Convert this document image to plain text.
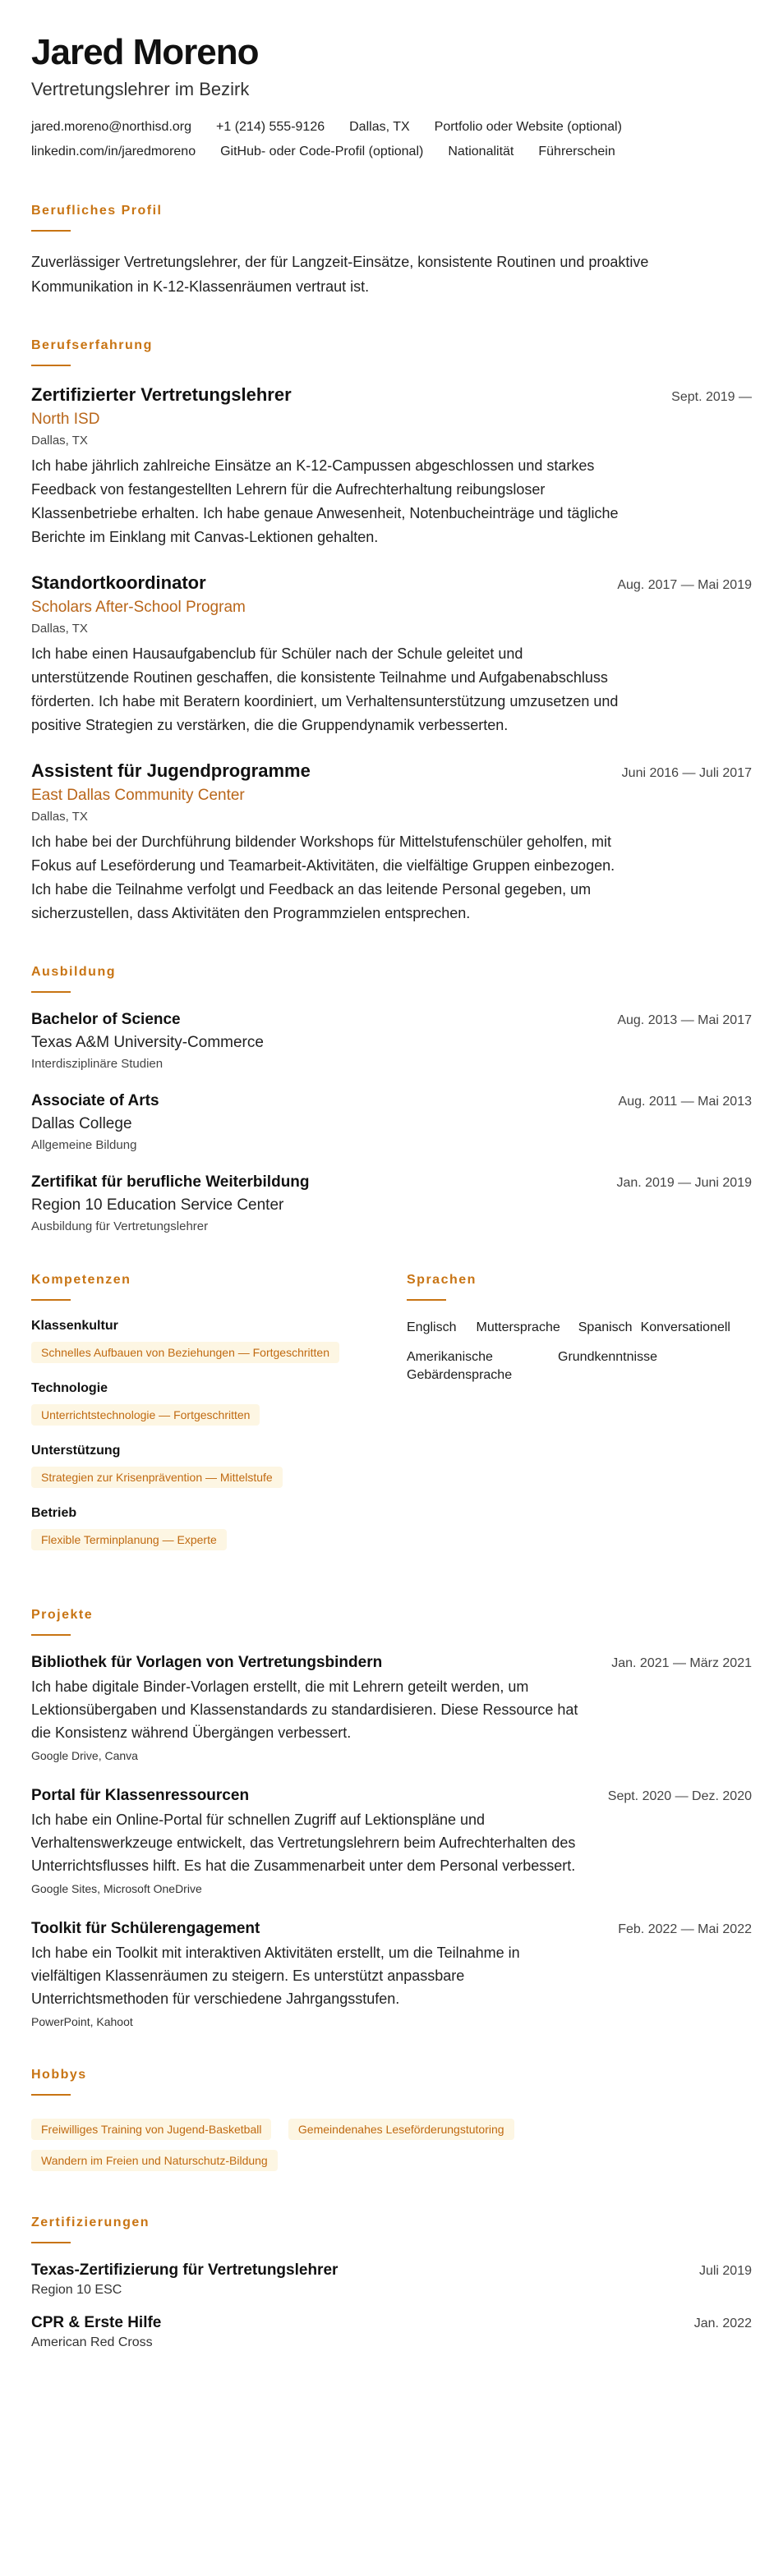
Jared Moreno
Vertretungslehrer im Bezirk
jared.moreno@northisd.org +1 (214) 555-9126 Dallas, TX Portfolio oder Website (optional)
linkedin.com/in/jaredmoreno GitHub- oder Code-Profil (optional) Nationalität Führerschein
Berufliches Profil
Zuverlässiger Vertretungslehrer, der für Langzeit-Einsätze, konsistente Routinen und proaktive Kommunikation in K-12-Klassenräumen vertraut ist.
Berufserfahrung
Zertifizierter Vertretungslehrer	Sept. 2019 —
North ISD
Dallas, TX
Ich habe jährlich zahlreiche Einsätze an K-12-Campussen abgeschlossen und starkes Feedback von festangestellten Lehrern für die Aufrechterhaltung reibungsloser Klassenbetriebe erhalten. Ich habe genaue Anwesenheit, Notenbucheinträge und tägliche Berichte im Einklang mit Canvas-Lektionen gehalten.
Standortkoordinator	Aug. 2017 — Mai 2019
Scholars After-School Program
Dallas, TX
Ich habe einen Hausaufgabenclub für Schüler nach der Schule geleitet und unterstützende Routinen geschaffen, die konsistente Teilnahme und Aufgabenabschluss förderten. Ich habe mit Beratern koordiniert, um Verhaltensunterstützung umzusetzen und positive Strategien zu verstärken, die die Gruppendynamik verbesserten.
Assistent für Jugendprogramme	Juni 2016 — Juli 2017
East Dallas Community Center
Dallas, TX
Ich habe bei der Durchführung bildender Workshops für Mittelstufenschüler geholfen, mit Fokus auf Leseförderung und Teamarbeit-Aktivitäten, die vielfältige Gruppen einbezogen. Ich habe die Teilnahme verfolgt und Feedback an das leitende Personal gegeben, um sicherzustellen, dass Aktivitäten den Programmzielen entsprechen.
Ausbildung
Bachelor of Science	Aug. 2013 — Mai 2017
Texas A&M University-Commerce
Interdisziplinäre Studien
Associate of Arts	Aug. 2011 — Mai 2013
Dallas College
Allgemeine Bildung
Zertifikat für berufliche Weiterbildung	Jan. 2019 — Juni 2019
Region 10 Education Service Center
Ausbildung für Vertretungslehrer
Kompetenzen
Klassenkultur
Schnelles Aufbauen von Beziehungen — Fortgeschritten
Technologie
Unterrichtstechnologie — Fortgeschritten
Unterstützung
Strategien zur Krisenprävention — Mittelstufe
Betrieb
Flexible Terminplanung — Experte
Sprachen
Englisch Muttersprache Spanisch Konversationell
Amerikanische Gebärdensprache
Grundkenntnisse
Projekte
Bibliothek für Vorlagen von Vertretungsbindern	Jan. 2021 — März 2021
Ich habe digitale Binder-Vorlagen erstellt, die mit Lehrern geteilt werden, um Lektionsübergaben und Klassenstandards zu standardisieren. Diese Ressource hat die Konsistenz während Übergängen verbessert.
Google Drive, Canva
Portal für Klassenressourcen	Sept. 2020 — Dez. 2020
Ich habe ein Online-Portal für schnellen Zugriff auf Lektionspläne und Verhaltenswerkzeuge entwickelt, das Vertretungslehrern beim Aufrechterhalten des Unterrichtsflusses hilft. Es hat die Zusammenarbeit unter dem Personal verbessert.
Google Sites, Microsoft OneDrive
Toolkit für Schülerengagement	Feb. 2022 — Mai 2022
Ich habe ein Toolkit mit interaktiven Aktivitäten erstellt, um die Teilnahme in vielfältigen Klassenräumen zu steigern. Es unterstützt anpassbare Unterrichtsmethoden für verschiedene Jahrgangsstufen.
PowerPoint, Kahoot
Hobbys
Freiwilliges Training von Jugend-Basketball	Gemeindenahes Leseförderungstutoring
Wandern im Freien und Naturschutz-Bildung
Zertifizierungen
Texas-Zertifizierung für Vertretungslehrer	Juli 2019
Region 10 ESC
CPR & Erste Hilfe	Jan. 2022
American Red Cross
